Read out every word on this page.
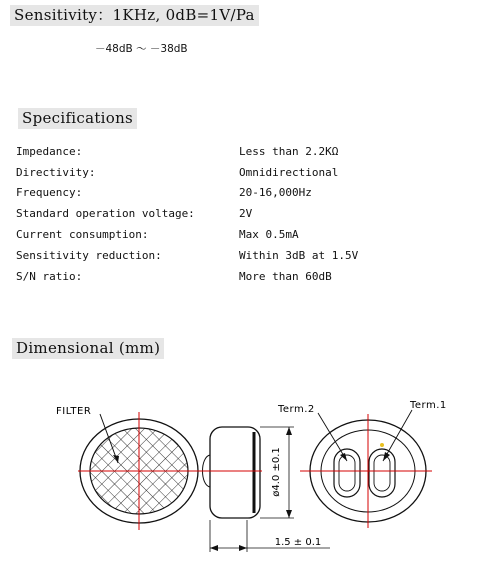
Sensitivity：1KHz, 0dB=1V/Pa
－48dB ～ －38dB
Specifications
Impedance:	Less than 2.2KΩ
Directivity:	Omnidirectional
Frequency:	20-16,000Hz
Standard operation voltage:	2V
Current consumption:	Max 0.5mA
Sensitivity reduction:	Within 3dB at 1.5V
S/N ratio:	More than 60dB
Dimensional (mm)
FILTER
ø4.0 ±0.1
1.5 ± 0.1
Term.2	Term.1
